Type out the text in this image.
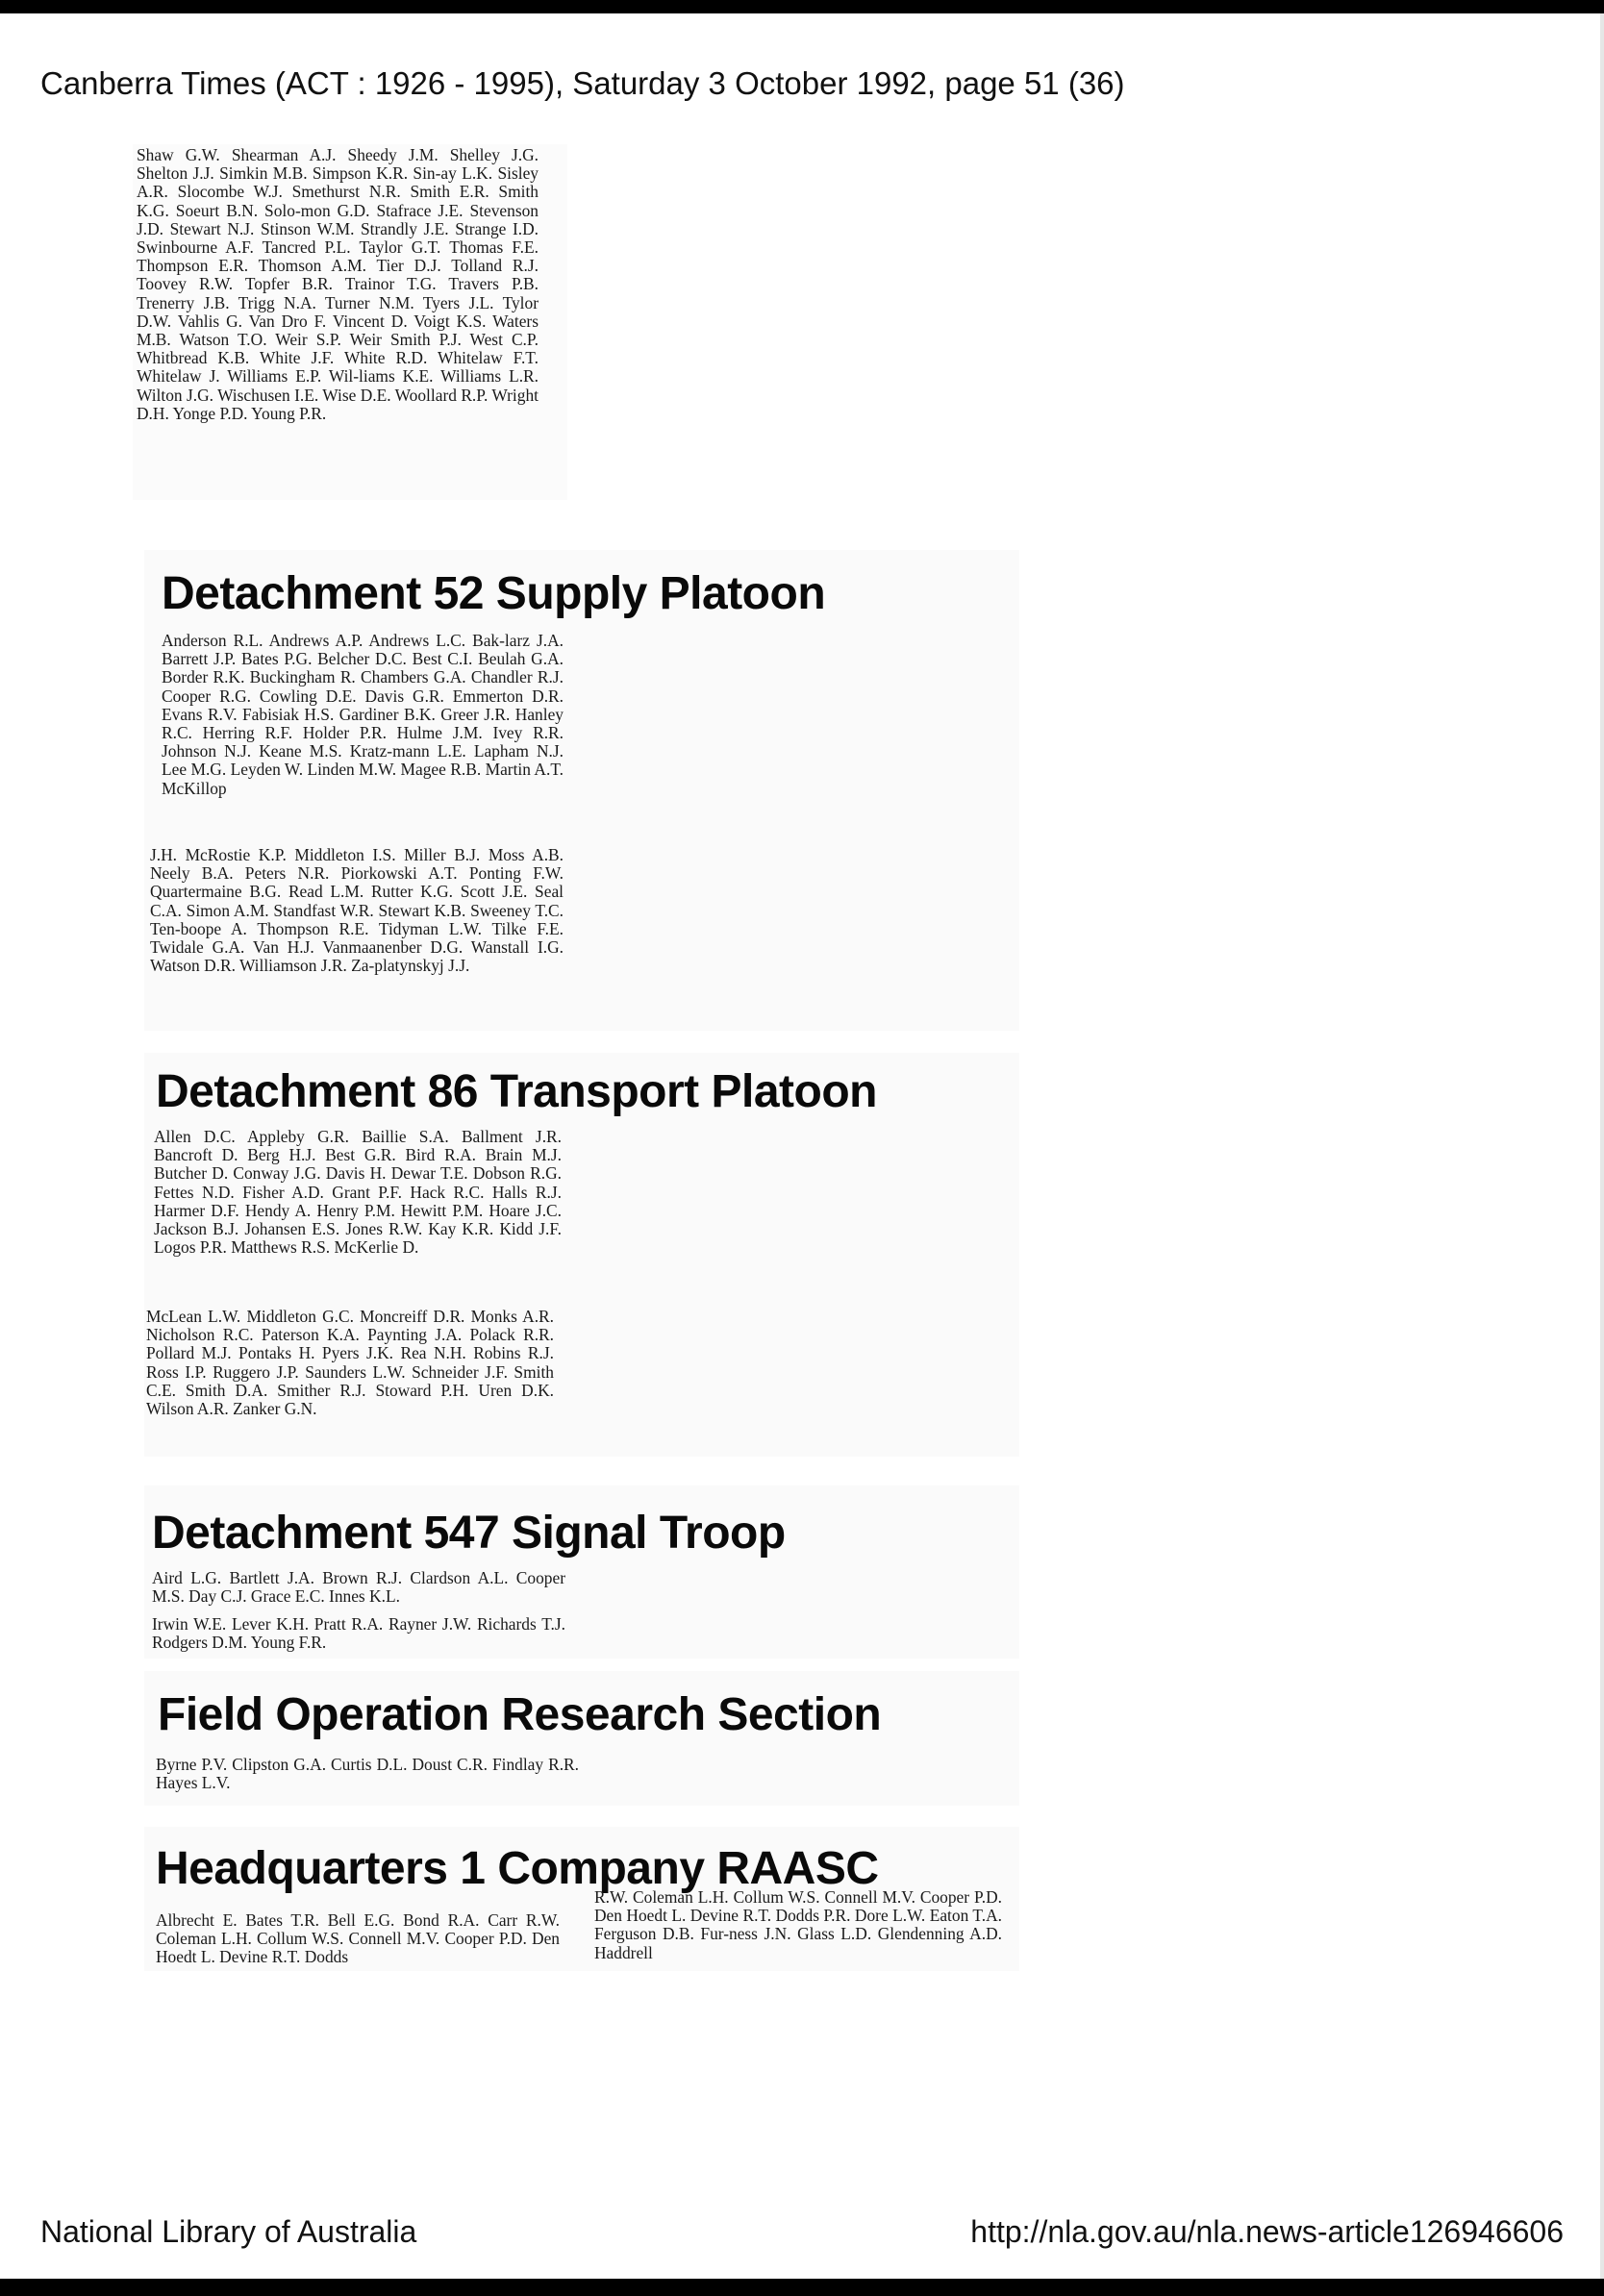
Canberra Times (ACT : 1926 - 1995), Saturday 3 October 1992, page 51 (36)
Shaw G.W. Shearman A.J. Sheedy J.M. Shelley J.G. Shelton J.J. Simkin M.B. Simpson K.R. Sin-ay L.K. Sisley A.R. Slocombe W.J. Smethurst N.R. Smith E.R. Smith K.G. Soeurt B.N. Solo-mon G.D. Stafrace J.E. Stevenson J.D. Stewart N.J. Stinson W.M. Strandly J.E. Strange I.D. Swinbourne A.F. Tancred P.L. Taylor G.T. Thomas F.E. Thompson E.R. Thomson A.M. Tier D.J. Tolland R.J. Toovey R.W. Topfer B.R. Trainor T.G. Travers P.B. Trenerry J.B. Trigg N.A. Turner N.M. Tyers J.L. Tylor D.W. Vahlis G. Van Dro F. Vincent D. Voigt K.S. Waters M.B. Watson T.O. Weir S.P. Weir Smith P.J. West C.P. Whitbread K.B. White J.F. White R.D. Whitelaw F.T. Whitelaw J. Williams E.P. Wil-liams K.E. Williams L.R. Wilton J.G. Wischusen I.E. Wise D.E. Woollard R.P. Wright D.H. Yonge P.D. Young P.R.
Detachment 52 Supply Platoon
Anderson R.L. Andrews A.P. Andrews L.C. Bak-larz J.A. Barrett J.P. Bates P.G. Belcher D.C. Best C.I. Beulah G.A. Border R.K. Buckingham R. Chambers G.A. Chandler R.J. Cooper R.G. Cowling D.E. Davis G.R. Emmerton D.R. Evans R.V. Fabisiak H.S. Gardiner B.K. Greer J.R. Hanley R.C. Herring R.F. Holder P.R. Hulme J.M. Ivey R.R. Johnson N.J. Keane M.S. Kratz-mann L.E. Lapham N.J. Lee M.G. Leyden W. Linden M.W. Magee R.B. Martin A.T. McKillop
J.H. McRostie K.P. Middleton I.S. Miller B.J. Moss A.B. Neely B.A. Peters N.R. Piorkowski A.T. Ponting F.W. Quartermaine B.G. Read L.M. Rutter K.G. Scott J.E. Seal C.A. Simon A.M. Standfast W.R. Stewart K.B. Sweeney T.C. Ten-boope A. Thompson R.E. Tidyman L.W. Tilke F.E. Twidale G.A. Van H.J. Vanmaanenber D.G. Wanstall I.G. Watson D.R. Williamson J.R. Za-platynskyj J.J.
Detachment 86 Transport Platoon
Allen D.C. Appleby G.R. Baillie S.A. Ballment J.R. Bancroft D. Berg H.J. Best G.R. Bird R.A. Brain M.J. Butcher D. Conway J.G. Davis H. Dewar T.E. Dobson R.G. Fettes N.D. Fisher A.D. Grant P.F. Hack R.C. Halls R.J. Harmer D.F. Hendy A. Henry P.M. Hewitt P.M. Hoare J.C. Jackson B.J. Johansen E.S. Jones R.W. Kay K.R. Kidd J.F. Logos P.R. Matthews R.S. McKerlie D.
McLean L.W. Middleton G.C. Moncreiff D.R. Monks A.R. Nicholson R.C. Paterson K.A. Paynting J.A. Polack R.R. Pollard M.J. Pontaks H. Pyers J.K. Rea N.H. Robins R.J. Ross I.P. Ruggero J.P. Saunders L.W. Schneider J.F. Smith C.E. Smith D.A. Smither R.J. Stoward P.H. Uren D.K. Wilson A.R. Zanker G.N.
Detachment 547 Signal Troop
Aird L.G. Bartlett J.A. Brown R.J. Clardson A.L. Cooper M.S. Day C.J. Grace E.C. Innes K.L.
Irwin W.E. Lever K.H. Pratt R.A. Rayner J.W. Richards T.J. Rodgers D.M. Young F.R.
Field Operation Research Section
Byrne P.V. Clipston G.A. Curtis D.L. Doust C.R. Findlay R.R. Hayes L.V.
Headquarters 1 Company RAASC
Albrecht E. Bates T.R. Bell E.G. Bond R.A. Carr R.W. Coleman L.H. Collum W.S. Connell M.V. Cooper P.D. Den Hoedt L. Devine R.T. Dodds
R.W. Coleman L.H. Collum W.S. Connell M.V. Cooper P.D. Den Hoedt L. Devine R.T. Dodds P.R. Dore L.W. Eaton T.A. Ferguson D.B. Fur-ness J.N. Glass L.D. Glendenning A.D. Haddrell
National Library of Australia	http://nla.gov.au/nla.news-article126946606
